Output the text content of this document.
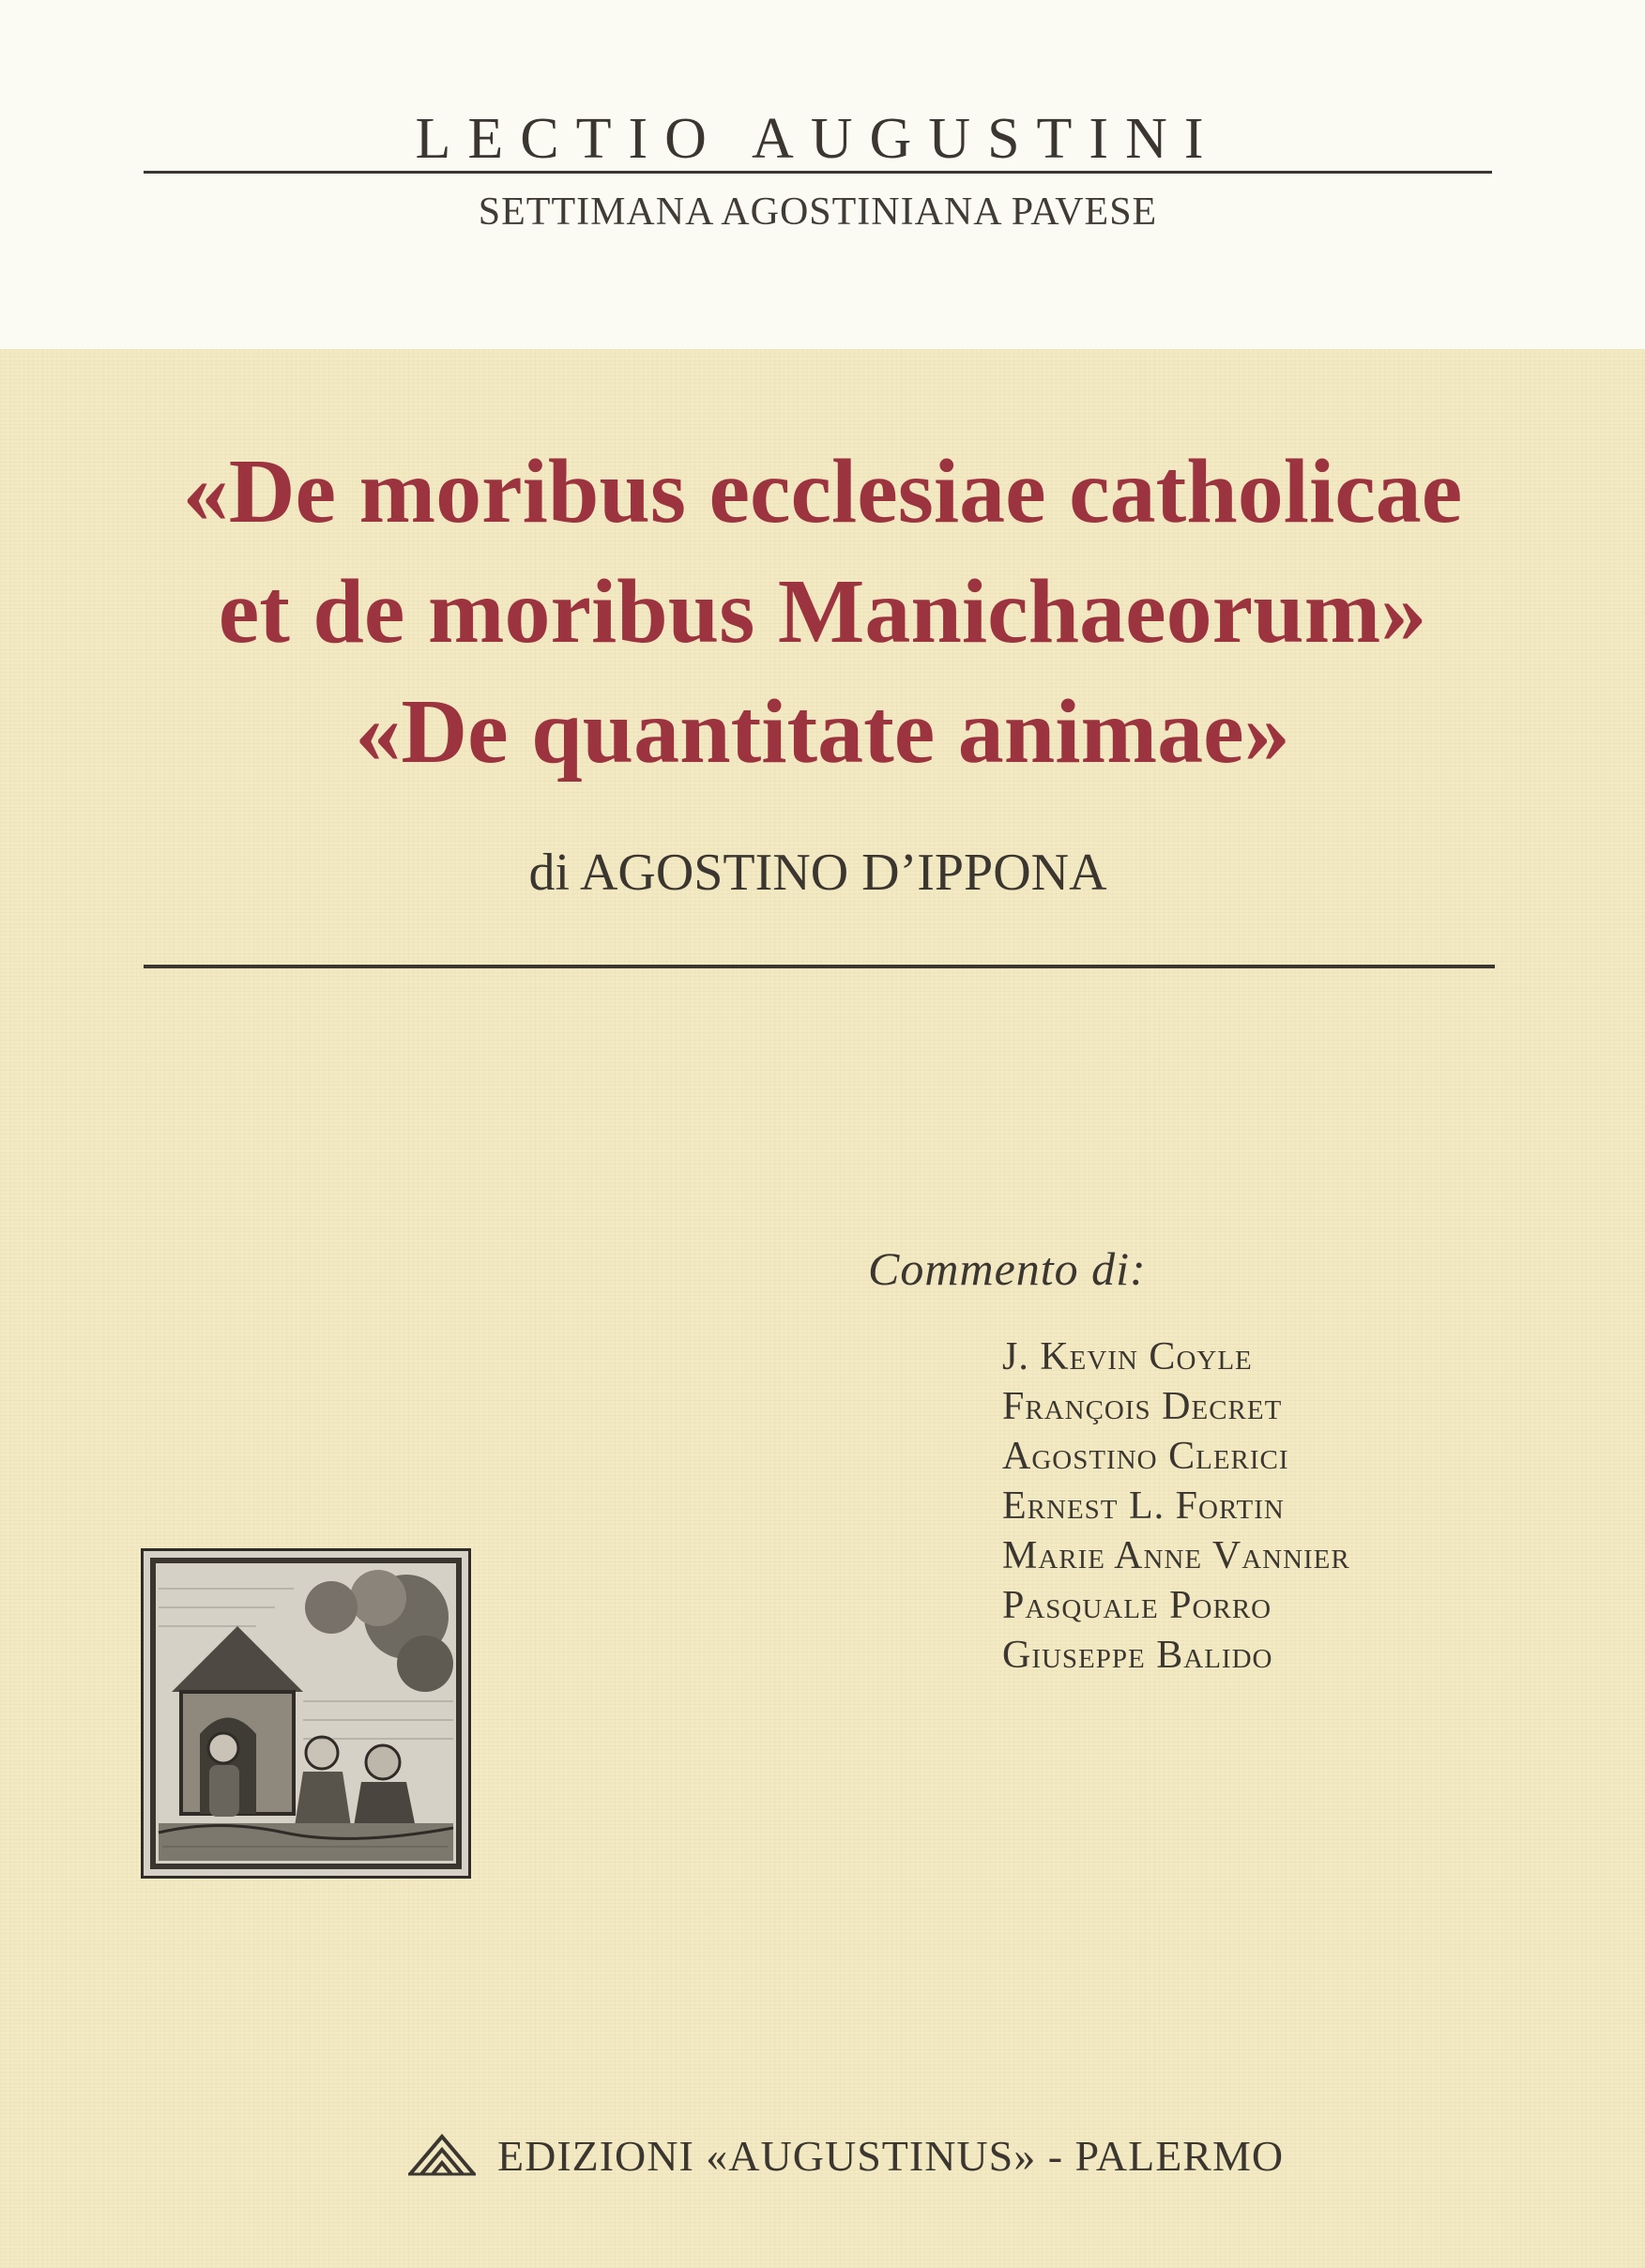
LECTIO AUGUSTINI
SETTIMANA AGOSTINIANA PAVESE
«De moribus ecclesiae catholicae
et de moribus Manichaeorum»
«De quantitate animae»
di AGOSTINO D’IPPONA
Commento di:
J. Kevin Coyle
François Decret
Agostino Clerici
Ernest L. Fortin
Marie Anne Vannier
Pasquale Porro
Giuseppe Balido
EDIZIONI «AUGUSTINUS» - PALERMO
